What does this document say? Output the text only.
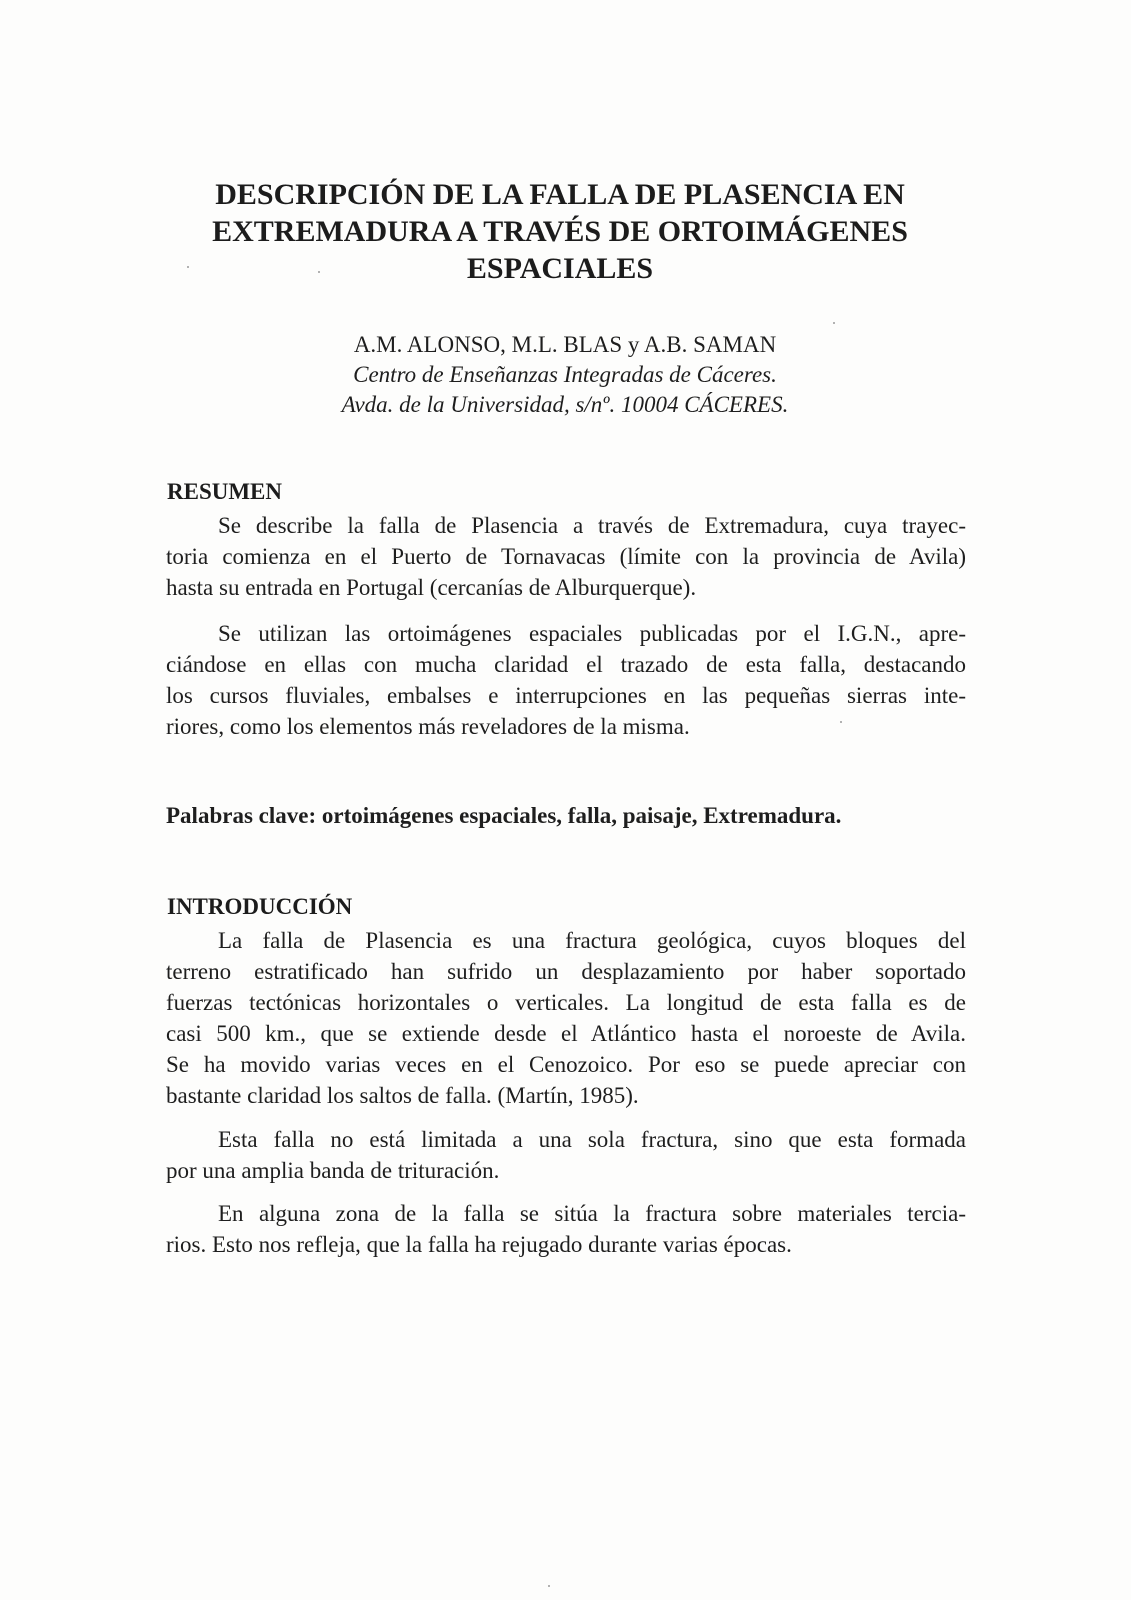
DESCRIPCIÓN DE LA FALLA DE PLASENCIA EN
EXTREMADURA A TRAVÉS DE ORTOIMÁGENES
ESPACIALES
A.M. ALONSO, M.L. BLAS y A.B. SAMAN
Centro de Enseñanzas Integradas de Cáceres.
Avda. de la Universidad, s/nº. 10004 CÁCERES.
RESUMEN
Se describe la falla de Plasencia a través de Extremadura, cuya trayec-
toria comienza en el Puerto de Tornavacas (límite con la provincia de Avila)
hasta su entrada en Portugal (cercanías de Alburquerque).
Se utilizan las ortoimágenes espaciales publicadas por el I.G.N., apre-
ciándose en ellas con mucha claridad el trazado de esta falla, destacando
los cursos fluviales, embalses e interrupciones en las pequeñas sierras inte-
riores, como los elementos más reveladores de la misma.
Palabras clave: ortoimágenes espaciales, falla, paisaje, Extremadura.
INTRODUCCIÓN
La falla de Plasencia es una fractura geológica, cuyos bloques del
terreno estratificado han sufrido un desplazamiento por haber soportado
fuerzas tectónicas horizontales o verticales. La longitud de esta falla es de
casi 500 km., que se extiende desde el Atlántico hasta el noroeste de Avila.
Se ha movido varias veces en el Cenozoico. Por eso se puede apreciar con
bastante claridad los saltos de falla. (Martín, 1985).
Esta falla no está limitada a una sola fractura, sino que esta formada
por una amplia banda de trituración.
En alguna zona de la falla se sitúa la fractura sobre materiales tercia-
rios. Esto nos refleja, que la falla ha rejugado durante varias épocas.
